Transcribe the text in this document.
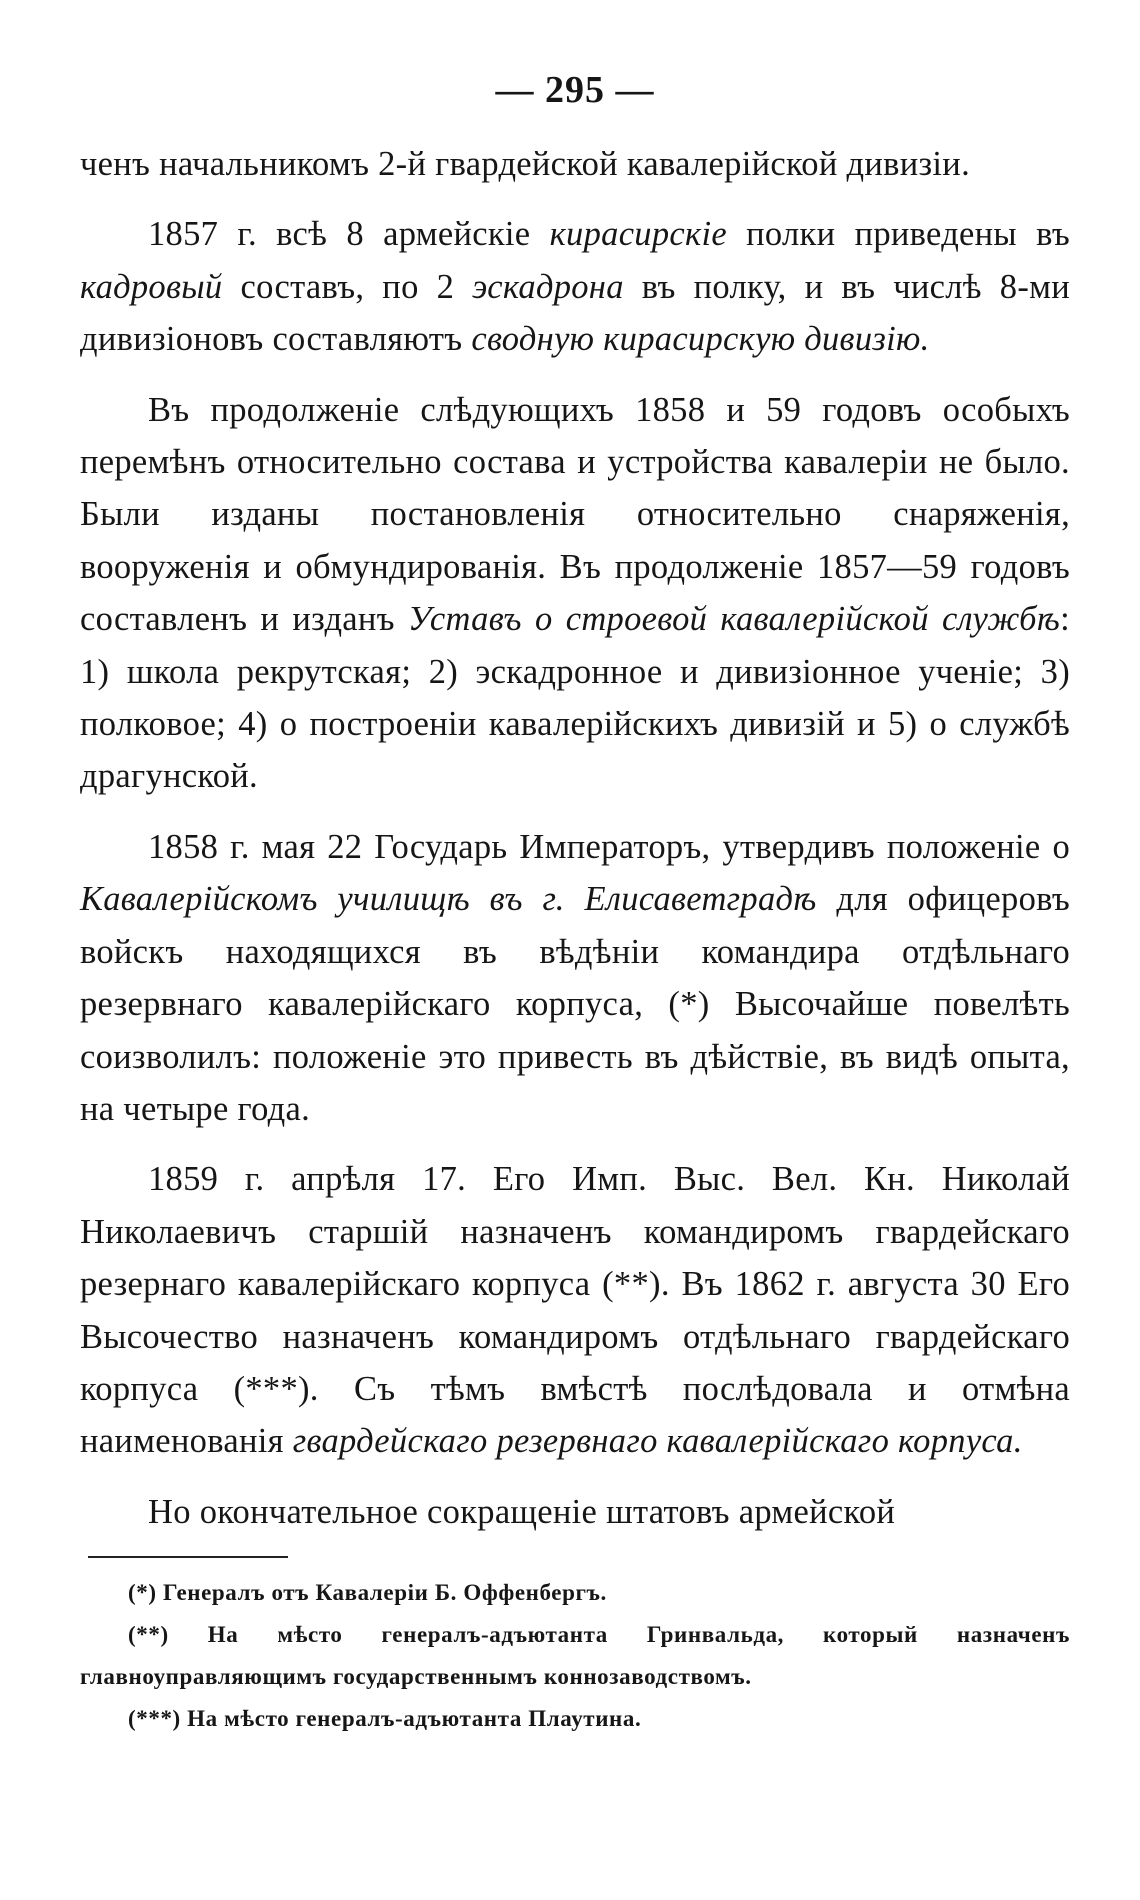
— 295 —

ченъ начальникомъ 2-й гвардейской кавалерійской дивизіи.

1857 г. всѣ 8 армейскіе кирасирскіе полки приведены въ кадровый составъ, по 2 эскадрона въ полку, и въ числѣ 8-ми дивизіоновъ составляютъ сводную кирасирскую дивизію.

Въ продолженіе слѣдующихъ 1858 и 59 годовъ особыхъ перемѣнъ относительно состава и устройства кавалеріи не было. Были изданы постановленія относительно снаряженія, вооруженія и обмундированія. Въ продолженіе 1857—59 годовъ составленъ и изданъ Уставъ о строевой кавалерійской службѣ: 1) школа рекрутская; 2) эскадронное и дивизіонное ученіе; 3) полковое; 4) о построеніи кавалерійскихъ дивизій и 5) о службѣ драгунской.

1858 г. мая 22 Государь Императоръ, утвердивъ положеніе о Кавалерійскомъ училищѣ въ г. Елисаветградѣ для офицеровъ войскъ находящихся въ вѣдѣніи командира отдѣльнаго резервнаго кавалерійскаго корпуса, (*) Высочайше повелѣть соизволилъ: положеніе это привесть въ дѣйствіе, въ видѣ опыта, на четыре года.

1859 г. апрѣля 17. Его Имп. Выс. Вел. Кн. Николай Николаевичъ старшій назначенъ командиромъ гвардейскаго резернаго кавалерійскаго корпуса (**). Въ 1862 г. августа 30 Его Высочество назначенъ командиромъ отдѣльнаго гвардейскаго корпуса (***). Съ тѣмъ вмѣстѣ послѣдовала и отмѣна наименованія гвардейскаго резервнаго кавалерійскаго корпуса.

Но окончательное сокращеніе штатовъ армейской

(*) Генералъ отъ Кавалеріи Б. Оффенбергъ.

(**) На мѣсто генералъ-адъютанта Гринвальда, который назначенъ главноуправляющимъ государственнымъ коннозаводствомъ.

(***) На мѣсто генералъ-адъютанта Плаутина.
